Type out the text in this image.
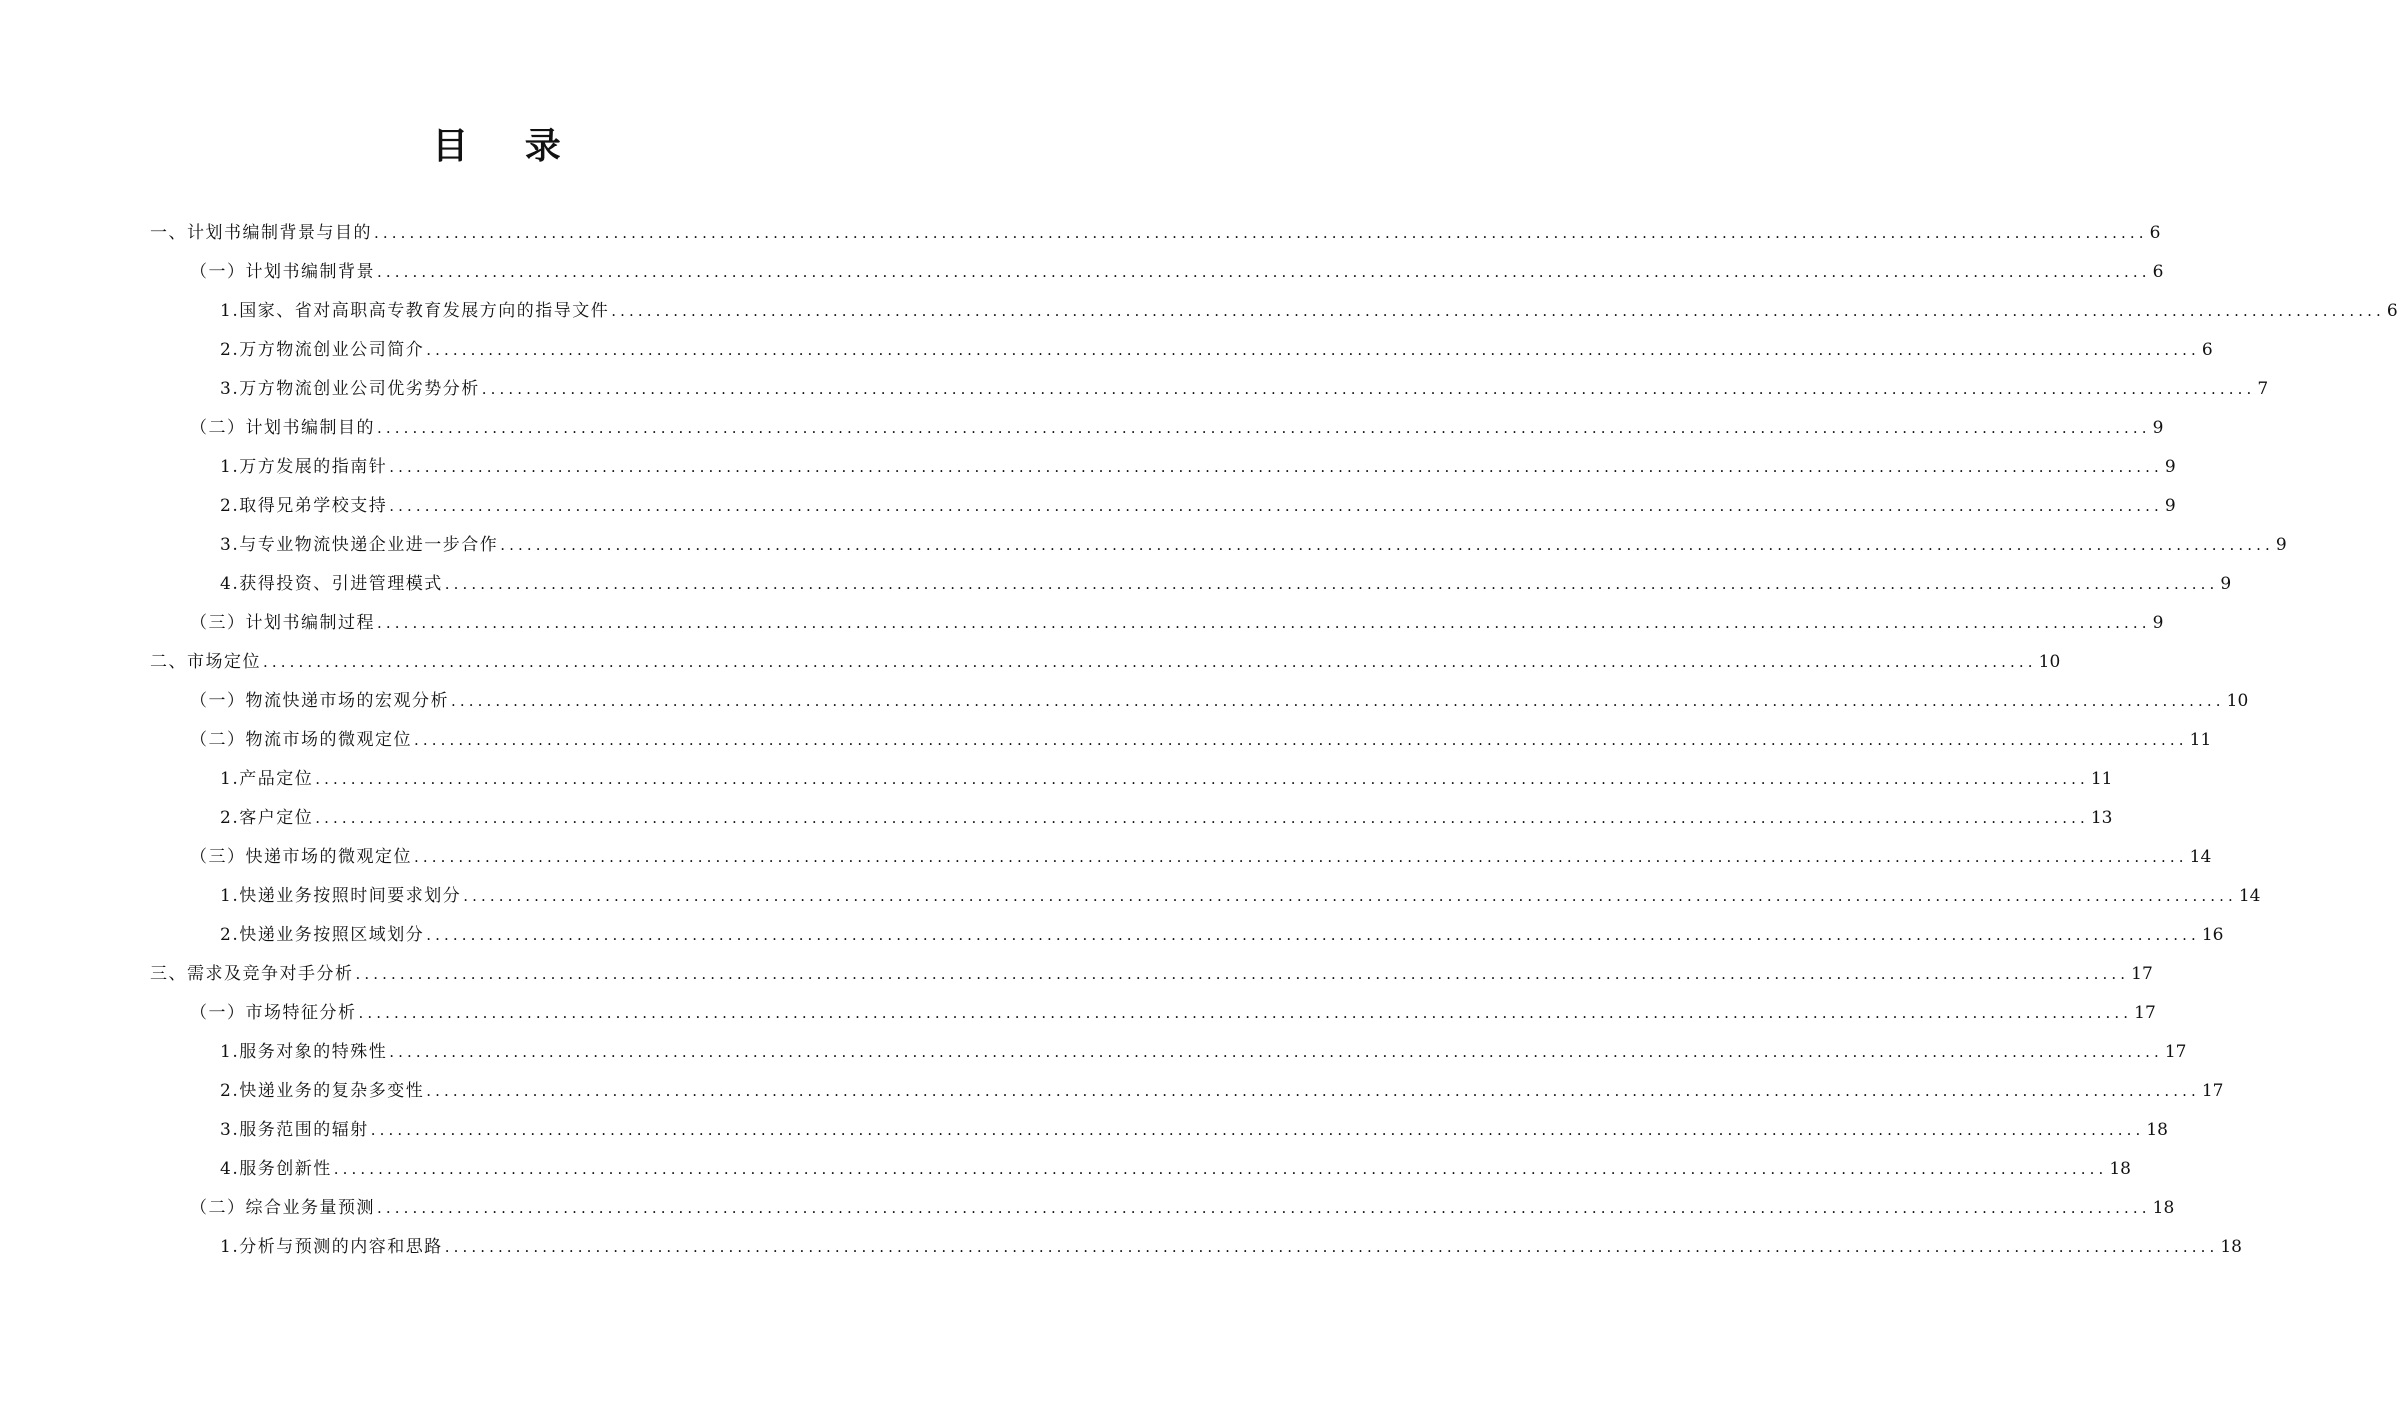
目 录
一、计划书编制背景与目的 ........................................................................................................................................................................................................ 6
（一）计划书编制背景 ........................................................................................................................................................................................................ 6
1.国家、省对高职高专教育发展方向的指导文件 ........................................................................................................................................................................................................ 6
2.万方物流创业公司简介 ........................................................................................................................................................................................................ 6
3.万方物流创业公司优劣势分析 ........................................................................................................................................................................................................ 7
（二）计划书编制目的 ........................................................................................................................................................................................................ 9
1.万方发展的指南针 ........................................................................................................................................................................................................ 9
2.取得兄弟学校支持 ........................................................................................................................................................................................................ 9
3.与专业物流快递企业进一步合作 ........................................................................................................................................................................................................ 9
4.获得投资、引进管理模式 ........................................................................................................................................................................................................ 9
（三）计划书编制过程 ........................................................................................................................................................................................................ 9
二、市场定位 ........................................................................................................................................................................................................ 10
（一）物流快递市场的宏观分析 ........................................................................................................................................................................................................ 10
（二）物流市场的微观定位 ........................................................................................................................................................................................................ 11
1.产品定位 ........................................................................................................................................................................................................ 11
2.客户定位 ........................................................................................................................................................................................................ 13
（三）快递市场的微观定位 ........................................................................................................................................................................................................ 14
1.快递业务按照时间要求划分 ........................................................................................................................................................................................................ 14
2.快递业务按照区域划分 ........................................................................................................................................................................................................ 16
三、需求及竞争对手分析 ........................................................................................................................................................................................................ 17
（一）市场特征分析 ........................................................................................................................................................................................................ 17
1.服务对象的特殊性 ........................................................................................................................................................................................................ 17
2.快递业务的复杂多变性 ........................................................................................................................................................................................................ 17
3.服务范围的辐射 ........................................................................................................................................................................................................ 18
4.服务创新性 ........................................................................................................................................................................................................ 18
（二）综合业务量预测 ........................................................................................................................................................................................................ 18
1.分析与预测的内容和思路 ........................................................................................................................................................................................................ 18
